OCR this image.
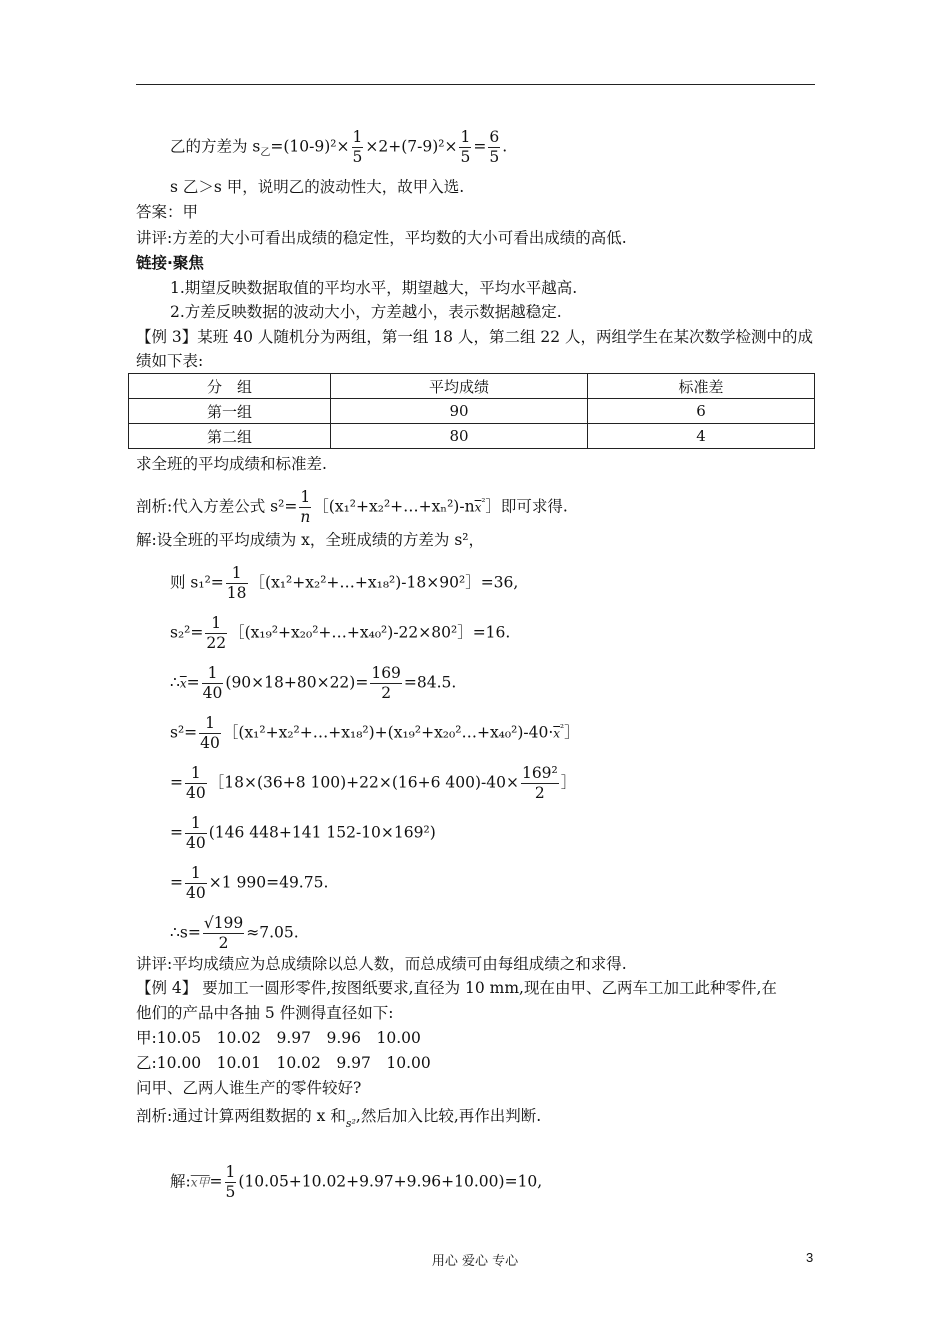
乙的方差为 $s_乙=(10-9)^2\times \frac{1}{5} \times 2+(7-9)^2\times \frac{1}{5} = \frac{6}{5}$ .
s 乙＞s 甲，说明乙的波动性大，故甲入选.
答案：甲
讲评:方差的大小可看出成绩的稳定性，平均数的大小可看出成绩的高低.
链接·聚焦
1.期望反映数据取值的平均水平，期望越大，平均水平越高.
2.方差反映数据的波动大小，方差越小，表示数据越稳定.
【例 3】某班 40 人随机分为两组，第一组 18 人，第二组 22 人，两组学生在某次数学检测中的成
绩如下表:
分　组	平均成绩	标准差
第一组	90	6
第二组	80	4
求全班的平均成绩和标准差.
剖析:代入方差公式 $s^2= \frac{1}{n}$ $[(x_1^2+x_2^2+\dots+x_n^2)-n\overline{x}^{^2}]$即可求得.
解:设全班的平均成绩为 x，全班成绩的方差为 s²，
则 $s_1^2= \frac{1}{18}$ ［(x₁²+x₂²+…+x₁₈²)-18×90²］=36,
$s_2^2= \frac{1}{22}$ ［(x₁₉²+x₂₀²+…+x₄₀²)-22×80²］=16.
$\therefore\overline{x}= \frac{1}{40} (90\times 18+80\times 22)= \frac{169}{2} =84.5$.
$s^2= \frac{1}{40}$ $[(x_1^2+x_2^2+\dots+x_{18}^2)+(x_{19}^2+x_{20}^2\dots+x_{40}^2)-40\cdot\overline{x}^{^2}]$
= $\frac{1}{40}$ ［18×(36+8 100)+22×(16+6 $400)-40\times \frac{\text{169²}}{2}$ ］
= $\frac{1}{40} (146$ 448+141 152-10×169²)
= $\frac{1}{40} \times 1$ 990=49.75.
∴s= $\frac{√199}{2} \approx 7.05$.
讲评:平均成绩应为总成绩除以总人数，而总成绩可由每组成绩之和求得.
【例 4】 要加工一圆形零件,按图纸要求,直径为 10 mm,现在由甲、乙两车工加工此种零件,在
他们的产品中各抽 5 件测得直径如下:
甲:10.05　10.02　9.97　9.96　10.00
乙:10.00　10.01　10.02　9.97　10.00
问甲、乙两人谁生产的零件较好?
剖析:通过计算两组数据的 x 和$_{s^2}$,然后加入比较,再作出判断.
解:x甲= $\frac{1}{5} (10.05+10.02+9.97+9.96+10.00)=10$,
用心 爱心 专心	3
